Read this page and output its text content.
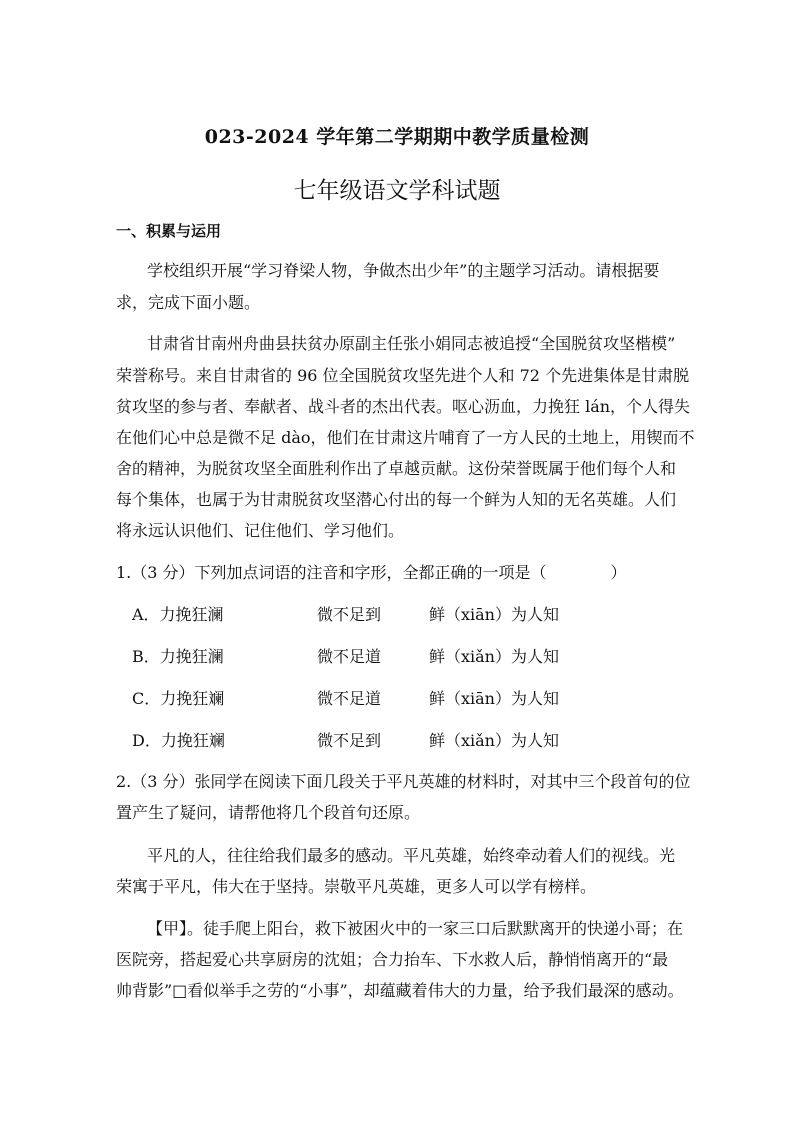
023-2024 学年第二学期期中教学质量检测
七年级语文学科试题
一、积累与运用
学校组织开展“学习脊梁人物，争做杰出少年”的主题学习活动。请根据要
求，完成下面小题。
甘肃省甘南州舟曲县扶贫办原副主任张小娟同志被追授“全国脱贫攻坚楷模”
荣誉称号。来自甘肃省的 96 位全国脱贫攻坚先进个人和 72 个先进集体是甘肃脱
贫攻坚的参与者、奉献者、战斗者的杰出代表。呕心沥血，力挽狂 lán，个人得失
在他们心中总是微不足 dào，他们在甘肃这片哺育了一方人民的土地上，用锲而不
舍的精神，为脱贫攻坚全面胜利作出了卓越贡献。这份荣誉既属于他们每个人和
每个集体，也属于为甘肃脱贫攻坚潜心付出的每一个鲜为人知的无名英雄。人们
将永远认识他们、记住他们、学习他们。
1.（3 分）下列加点词语的注音和字形，全都正确的一项是（　　　　）
A．力挽狂澜	微不足到	鲜（xiān）为人知
B．力挽狂澜	微不足道	鲜（xiǎn）为人知
C．力挽狂斓	微不足道	鲜（xiān）为人知
D．力挽狂斓	微不足到	鲜（xiǎn）为人知
2.（3 分）张同学在阅读下面几段关于平凡英雄的材料时，对其中三个段首句的位
置产生了疑问，请帮他将几个段首句还原。
平凡的人，往往给我们最多的感动。平凡英雄，始终牵动着人们的视线。光
荣寓于平凡，伟大在于坚持。崇敬平凡英雄，更多人可以学有榜样。
【甲】。徒手爬上阳台，救下被困火中的一家三口后默默离开的快递小哥；在
医院旁，搭起爱心共享厨房的沈姐；合力抬车、下水救人后，静悄悄离开的“最
帅背影”□看似举手之劳的“小事”，却蕴藏着伟大的力量，给予我们最深的感动。
